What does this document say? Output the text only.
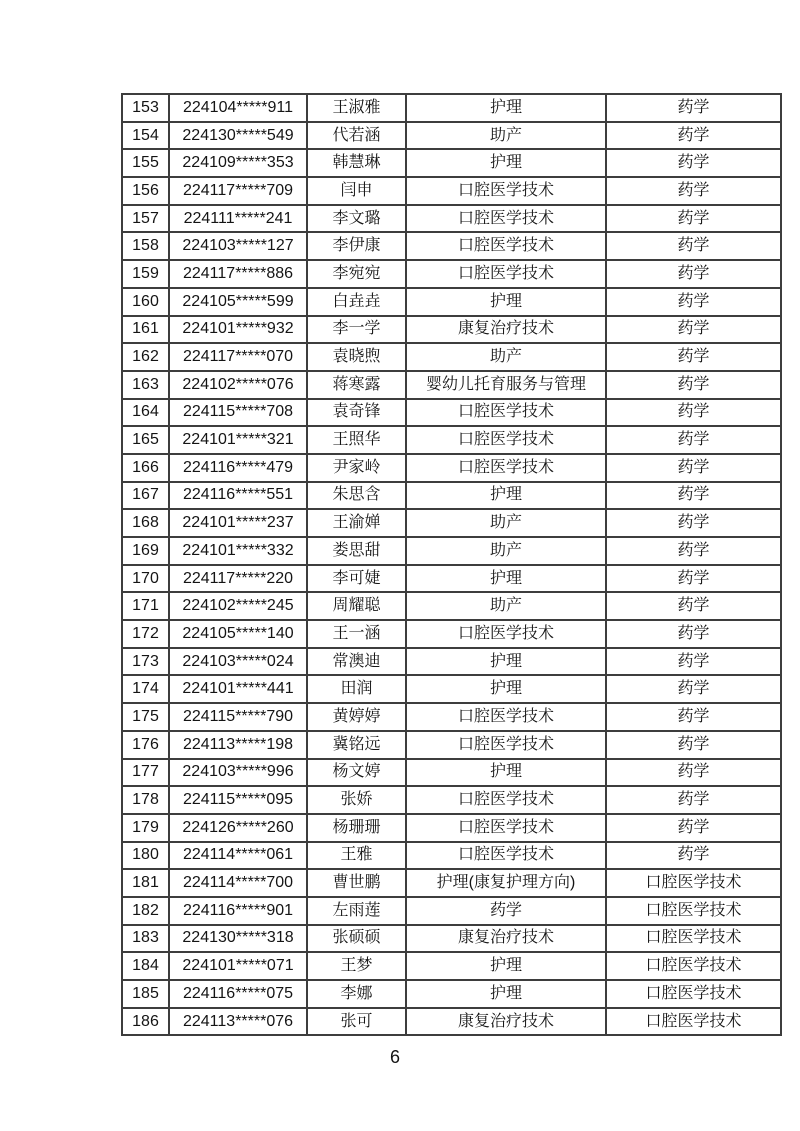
153	224104*****911	王淑雅	护理	药学
154	224130*****549	代若涵	助产	药学
155	224109*****353	韩慧琳	护理	药学
156	224117*****709	闫申	口腔医学技术	药学
157	224111*****241	李文璐	口腔医学技术	药学
158	224103*****127	李伊康	口腔医学技术	药学
159	224117*****886	李宛宛	口腔医学技术	药学
160	224105*****599	白垚垚	护理	药学
161	224101*****932	李一学	康复治疗技术	药学
162	224117*****070	袁晓煦	助产	药学
163	224102*****076	蒋寒露	婴幼儿托育服务与管理	药学
164	224115*****708	袁奇锋	口腔医学技术	药学
165	224101*****321	王照华	口腔医学技术	药学
166	224116*****479	尹家岭	口腔医学技术	药学
167	224116*****551	朱思含	护理	药学
168	224101*****237	王渝婵	助产	药学
169	224101*****332	娄思甜	助产	药学
170	224117*****220	李可婕	护理	药学
171	224102*****245	周耀聪	助产	药学
172	224105*****140	王一涵	口腔医学技术	药学
173	224103*****024	常澳迪	护理	药学
174	224101*****441	田润	护理	药学
175	224115*****790	黄婷婷	口腔医学技术	药学
176	224113*****198	冀铭远	口腔医学技术	药学
177	224103*****996	杨文婷	护理	药学
178	224115*****095	张娇	口腔医学技术	药学
179	224126*****260	杨珊珊	口腔医学技术	药学
180	224114*****061	王雅	口腔医学技术	药学
181	224114*****700	曹世鹏	护理(康复护理方向)	口腔医学技术
182	224116*****901	左雨莲	药学	口腔医学技术
183	224130*****318	张硕硕	康复治疗技术	口腔医学技术
184	224101*****071	王梦	护理	口腔医学技术
185	224116*****075	李娜	护理	口腔医学技术
186	224113*****076	张可	康复治疗技术	口腔医学技术
6
